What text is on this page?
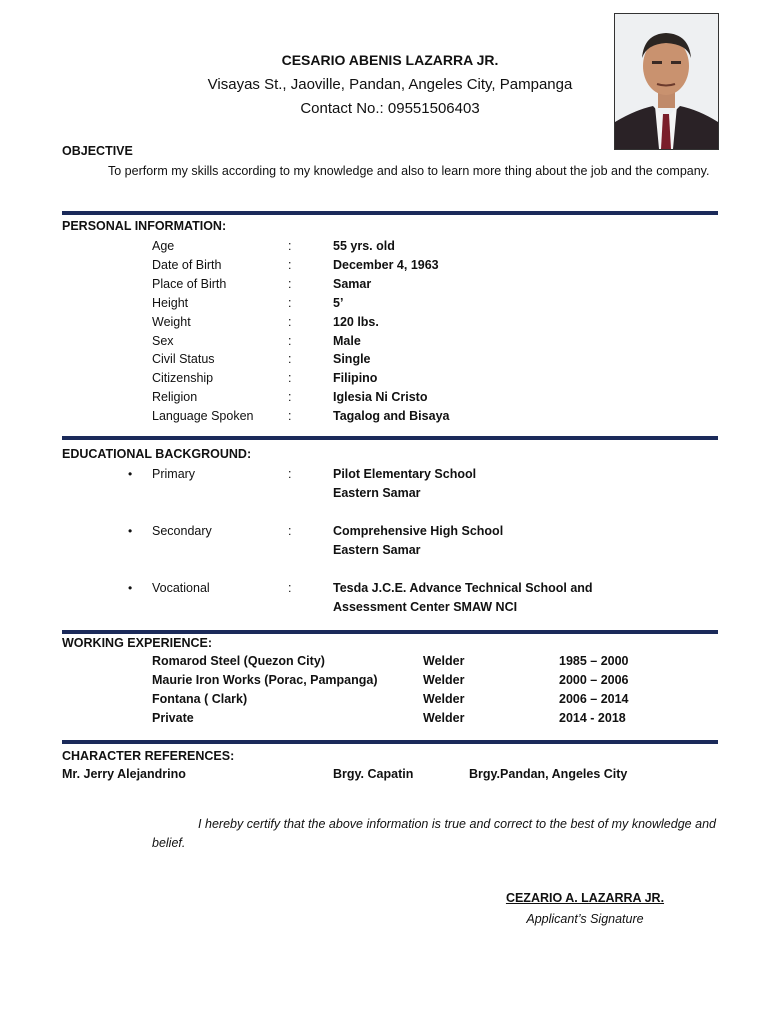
CESARIO ABENIS LAZARRA JR.
Visayas St., Jaoville, Pandan, Angeles City, Pampanga
Contact No.: 09551506403
OBJECTIVE
To perform my skills according to my knowledge and also to learn more thing about the job and the company.
PERSONAL INFORMATION:
Age	:	55 yrs. old
Date of Birth	:	December 4, 1963
Place of Birth	:	Samar
Height	:	5’
Weight	:	120 lbs.
Sex	:	Male
Civil Status	:	Single
Citizenship	:	Filipino
Religion	:	Iglesia Ni Cristo
Language Spoken	:	Tagalog and Bisaya
EDUCATIONAL BACKGROUND:
• Primary	:	Pilot Elementary School
Eastern Samar
• Secondary	:	Comprehensive High School
Eastern Samar
• Vocational	:	Tesda J.C.E. Advance Technical School and
Assessment Center SMAW NCI
WORKING EXPERIENCE:
Romarod Steel (Quezon City)	Welder	1985 – 2000
Maurie Iron Works (Porac, Pampanga)	Welder	2000 – 2006
Fontana ( Clark)	Welder	2006 – 2014
Private	Welder	2014 - 2018
CHARACTER REFERENCES:
Mr. Jerry Alejandrino	Brgy. Capatin	Brgy.Pandan, Angeles City
I hereby certify that the above information is true and correct to the best of my knowledge and belief.
CEZARIO A. LAZARRA JR.
Applicant’s Signature
